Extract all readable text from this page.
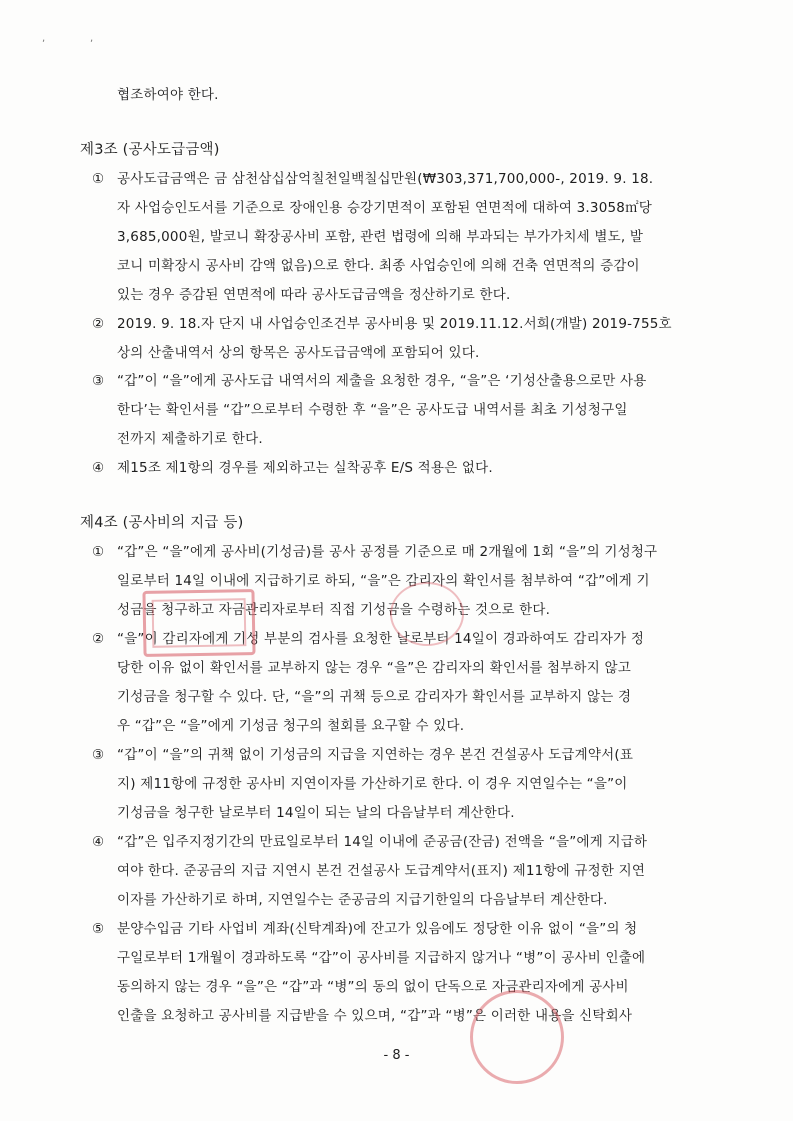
,	,
협조하여야 한다.
제3조 (공사도급금액)
① 공사도급금액은 금 삼천삼십삼억칠천일백칠십만원(₩303,371,700,000-, 2019. 9. 18.
자 사업승인도서를 기준으로 장애인용 승강기면적이 포함된 연면적에 대하여 3.3058㎡당
3,685,000원, 발코니 확장공사비 포함, 관련 법령에 의해 부과되는 부가가치세 별도, 발
코니 미확장시 공사비 감액 없음)으로 한다. 최종 사업승인에 의해 건축 연면적의 증감이
있는 경우 증감된 연면적에 따라 공사도급금액을 정산하기로 한다.
② 2019. 9. 18.자 단지 내 사업승인조건부 공사비용 및 2019.11.12.서희(개발) 2019-755호
상의 산출내역서 상의 항목은 공사도급금액에 포함되어 있다.
③ “갑”이 “을”에게 공사도급 내역서의 제출을 요청한 경우, “을”은 ‘기성산출용으로만 사용
한다’는 확인서를 “갑”으로부터 수령한 후 “을”은 공사도급 내역서를 최초 기성청구일
전까지 제출하기로 한다.
④ 제15조 제1항의 경우를 제외하고는 실착공후 E/S 적용은 없다.
제4조 (공사비의 지급 등)
① “갑”은 “을”에게 공사비(기성금)를 공사 공정를 기준으로 매 2개월에 1회 “을”의 기성청구
일로부터 14일 이내에 지급하기로 하되, “을”은 감리자의 확인서를 첨부하여 “갑”에게 기
성금을 청구하고 자금관리자로부터 직접 기성금을 수령하는 것으로 한다.
② “을”이 감리자에게 기성 부분의 검사를 요청한 날로부터 14일이 경과하여도 감리자가 정
당한 이유 없이 확인서를 교부하지 않는 경우 “을”은 감리자의 확인서를 첨부하지 않고
기성금을 청구할 수 있다. 단, “을”의 귀책 등으로 감리자가 확인서를 교부하지 않는 경
우 “갑”은 “을”에게 기성금 청구의 철회를 요구할 수 있다.
③ “갑”이 “을”의 귀책 없이 기성금의 지급을 지연하는 경우 본건 건설공사 도급계약서(표
지) 제11항에 규정한 공사비 지연이자를 가산하기로 한다. 이 경우 지연일수는 “을”이
기성금을 청구한 날로부터 14일이 되는 날의 다음날부터 계산한다.
④ “갑”은 입주지정기간의 만료일로부터 14일 이내에 준공금(잔금) 전액을 “을”에게 지급하
여야 한다. 준공금의 지급 지연시 본건 건설공사 도급계약서(표지) 제11항에 규정한 지연
이자를 가산하기로 하며, 지연일수는 준공금의 지급기한일의 다음날부터 계산한다.
⑤ 분양수입금 기타 사업비 계좌(신탁계좌)에 잔고가 있음에도 정당한 이유 없이 “을”의 청
구일로부터 1개월이 경과하도록 “갑”이 공사비를 지급하지 않거나 “병”이 공사비 인출에
동의하지 않는 경우 “을”은 “갑”과 “병”의 동의 없이 단독으로 자금관리자에게 공사비
인출을 요청하고 공사비를 지급받을 수 있으며, “갑”과 “병”은 이러한 내용을 신탁회사
- 8 -
